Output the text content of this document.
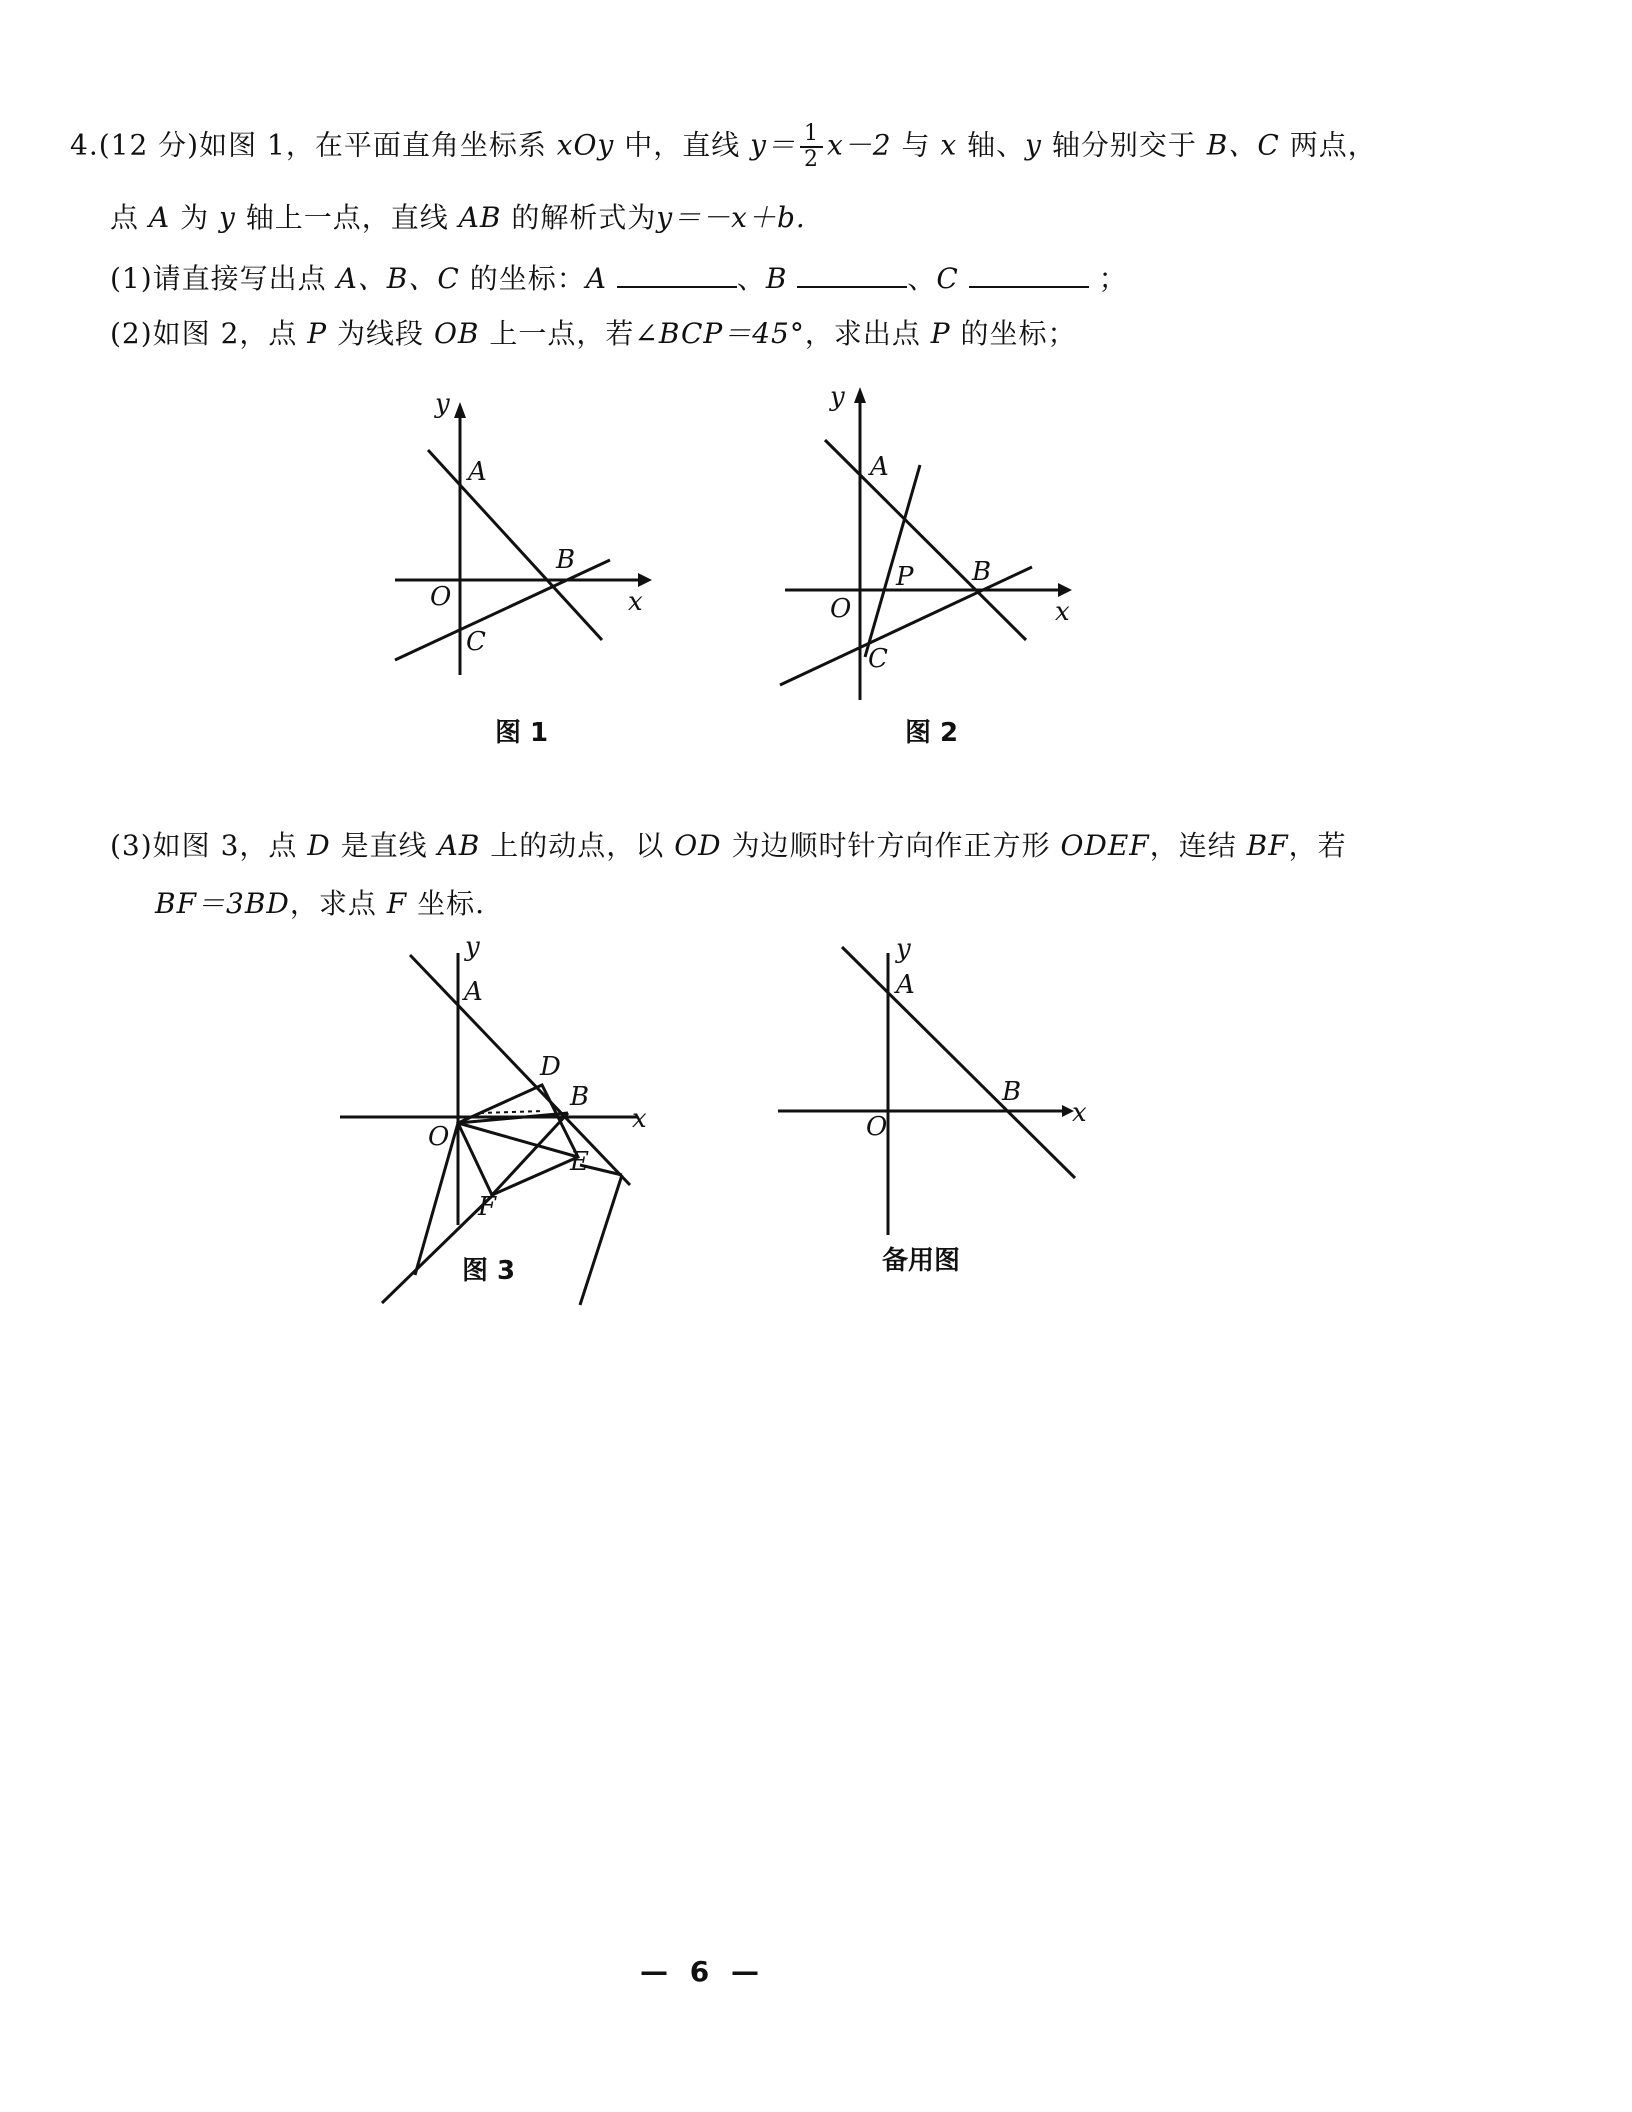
4.(12 分)如图 1，在平面直角坐标系 xOy 中，直线 $y= \frac{1}{2} x-2$ 与 x 轴、y 轴分别交于 B、C 两点，
点 A 为 y 轴上一点，直线 AB 的解析式为y＝－x＋b.
(1)请直接写出点 A、B、C 的坐标：A	、B	、C	；
(2)如图 2，点 P 为线段 OB 上一点，若∠BCP＝45°，求出点 P 的坐标；
y
x
A
B
O
C
图 1
y
x
A
B
O
C
P
图 2
(3)如图 3，点 D 是直线 AB 上的动点，以 OD 为边顺时针方向作正方形 ODEF，连结 BF，若
BF＝3BD，求点 F 坐标.
y
x
A
D
B
O
E
F
图 3
y
x
A
B
O
备用图
— 6 —
